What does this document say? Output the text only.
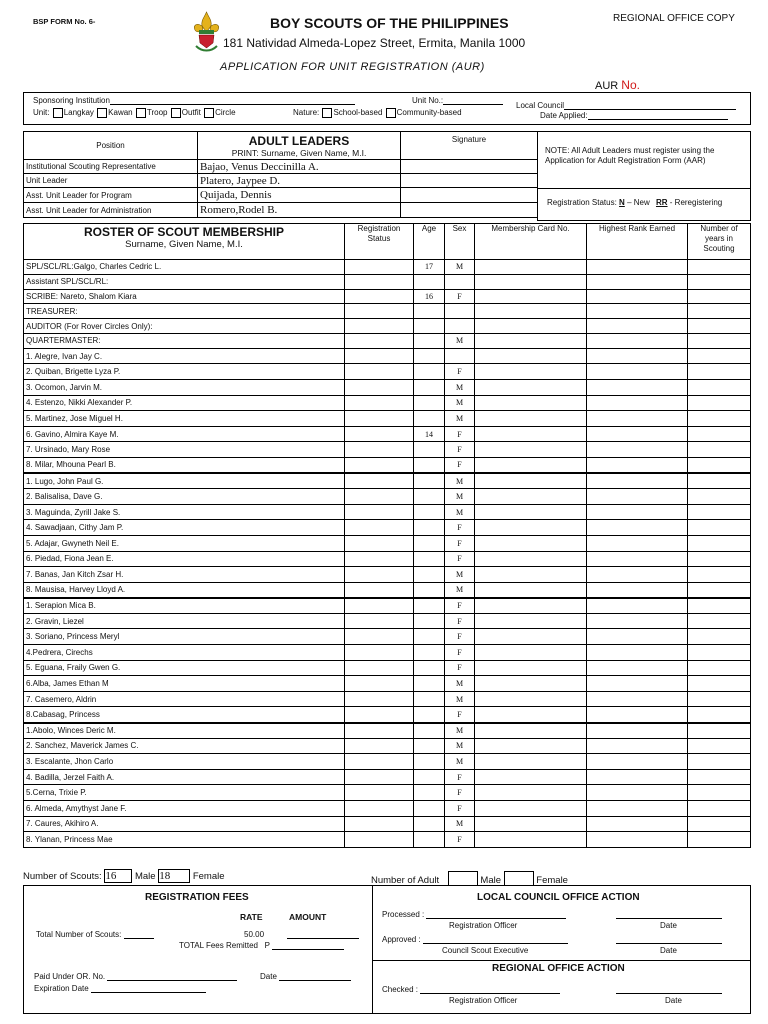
BSP FORM No. 6-	BOY SCOUTS OF THE PHILIPPINES
181 Natividad Almeda-Lopez Street, Ermita, Manila 1000
REGIONAL OFFICE COPY
APPLICATION FOR UNIT REGISTRATION (AUR)
AUR No.
Sponsoring Institution	Unit No.:
Local Council
Unit: Langkay Kawan Troop Outfit Circle	Nature: School-based Community-based	Date Applied:
Position	ADULT LEADERS
PRINT: Surname, Given Name, M.I.	Signature
Institutional Scouting Representative	Bajao, Venus Deccinilla A.	
Unit Leader	Platero, Jaypee D.	
Asst. Unit Leader for Program	Quijada, Dennis	
Asst. Unit Leader for Administration	Romero,Rodel B.	
NOTE: All Adult Leaders must register using the Application for Adult Registration Form (AAR)
Registration Status: N – New RR - Reregistering
ROSTER OF SCOUT MEMBERSHIP
Surname, Given Name, M.I.	Registration Status	Age	Sex	Membership Card No.	Highest Rank Earned	Number of years in Scouting
SPL/SCL/RL:Galgo, Charles Cedric L.		17	M			
Assistant SPL/SCL/RL:						
SCRIBE: Nareto, Shalom Kiara		16	F			
TREASURER:						
AUDITOR (For Rover Circles Only):						
QUARTERMASTER:			M			
1. Alegre, Ivan Jay C.						
2. Quiban, Brigette Lyza P.			F			
3. Ocomon, Jarvin M.			M			
4. Estenzo, Nikki Alexander P.			M			
5. Martinez, Jose Miguel H.			M			
6. Gavino, Almira Kaye M.		14	F			
7. Ursinado, Mary Rose			F			
8. Milar, Mhouna Pearl B.			F			
1. Lugo, John Paul G.			M			
2. Balisalisa, Dave G.			M			
3. Maguinda, Zyrill Jake S.			M			
4. Sawadjaan, Cithy Jam P.			F			
5. Adajar, Gwyneth Neil E.			F			
6. Piedad, Fiona Jean E.			F			
7. Banas, Jan Kitch Zsar H.			M			
8. Mausisa, Harvey Lloyd A.			M			
1. Serapion Mica B.			F			
2. Gravin, Liezel			F			
3. Soriano, Princess Meryl			F			
4.Pedrera, Cirechs			F			
5. Eguana, Fraily Gwen G.			F			
6.Alba, James Ethan M			M			
7. Casemero, Aldrin			M			
8.Cabasag, Princess			F			
1.Abolo, Winces Deric M.			M			
2. Sanchez, Maverick James C.			M			
3. Escalante, Jhon Carlo			M			
4. Badilla, Jerzel Faith A.			F			
5.Cerna, Trixie P.			F			
6. Almeda, Amythyst Jane F.			F			
7. Caures, Akihiro A.			M			
8. Ylanan, Princess Mae			F			
Number of Scouts: 16 Male 18 Female	Number of Adult	Male	Female
REGISTRATION FEES
RATE	AMOUNT
Total Number of Scouts:	50.00
TOTAL Fees Remitted P
Paid Under OR. No.	Date
Expiration Date
LOCAL COUNCIL OFFICE ACTION
Processed :
Registration Officer	Date
Approved :
Council Scout Executive	Date
REGIONAL OFFICE ACTION
Checked :
Registration Officer	Date
